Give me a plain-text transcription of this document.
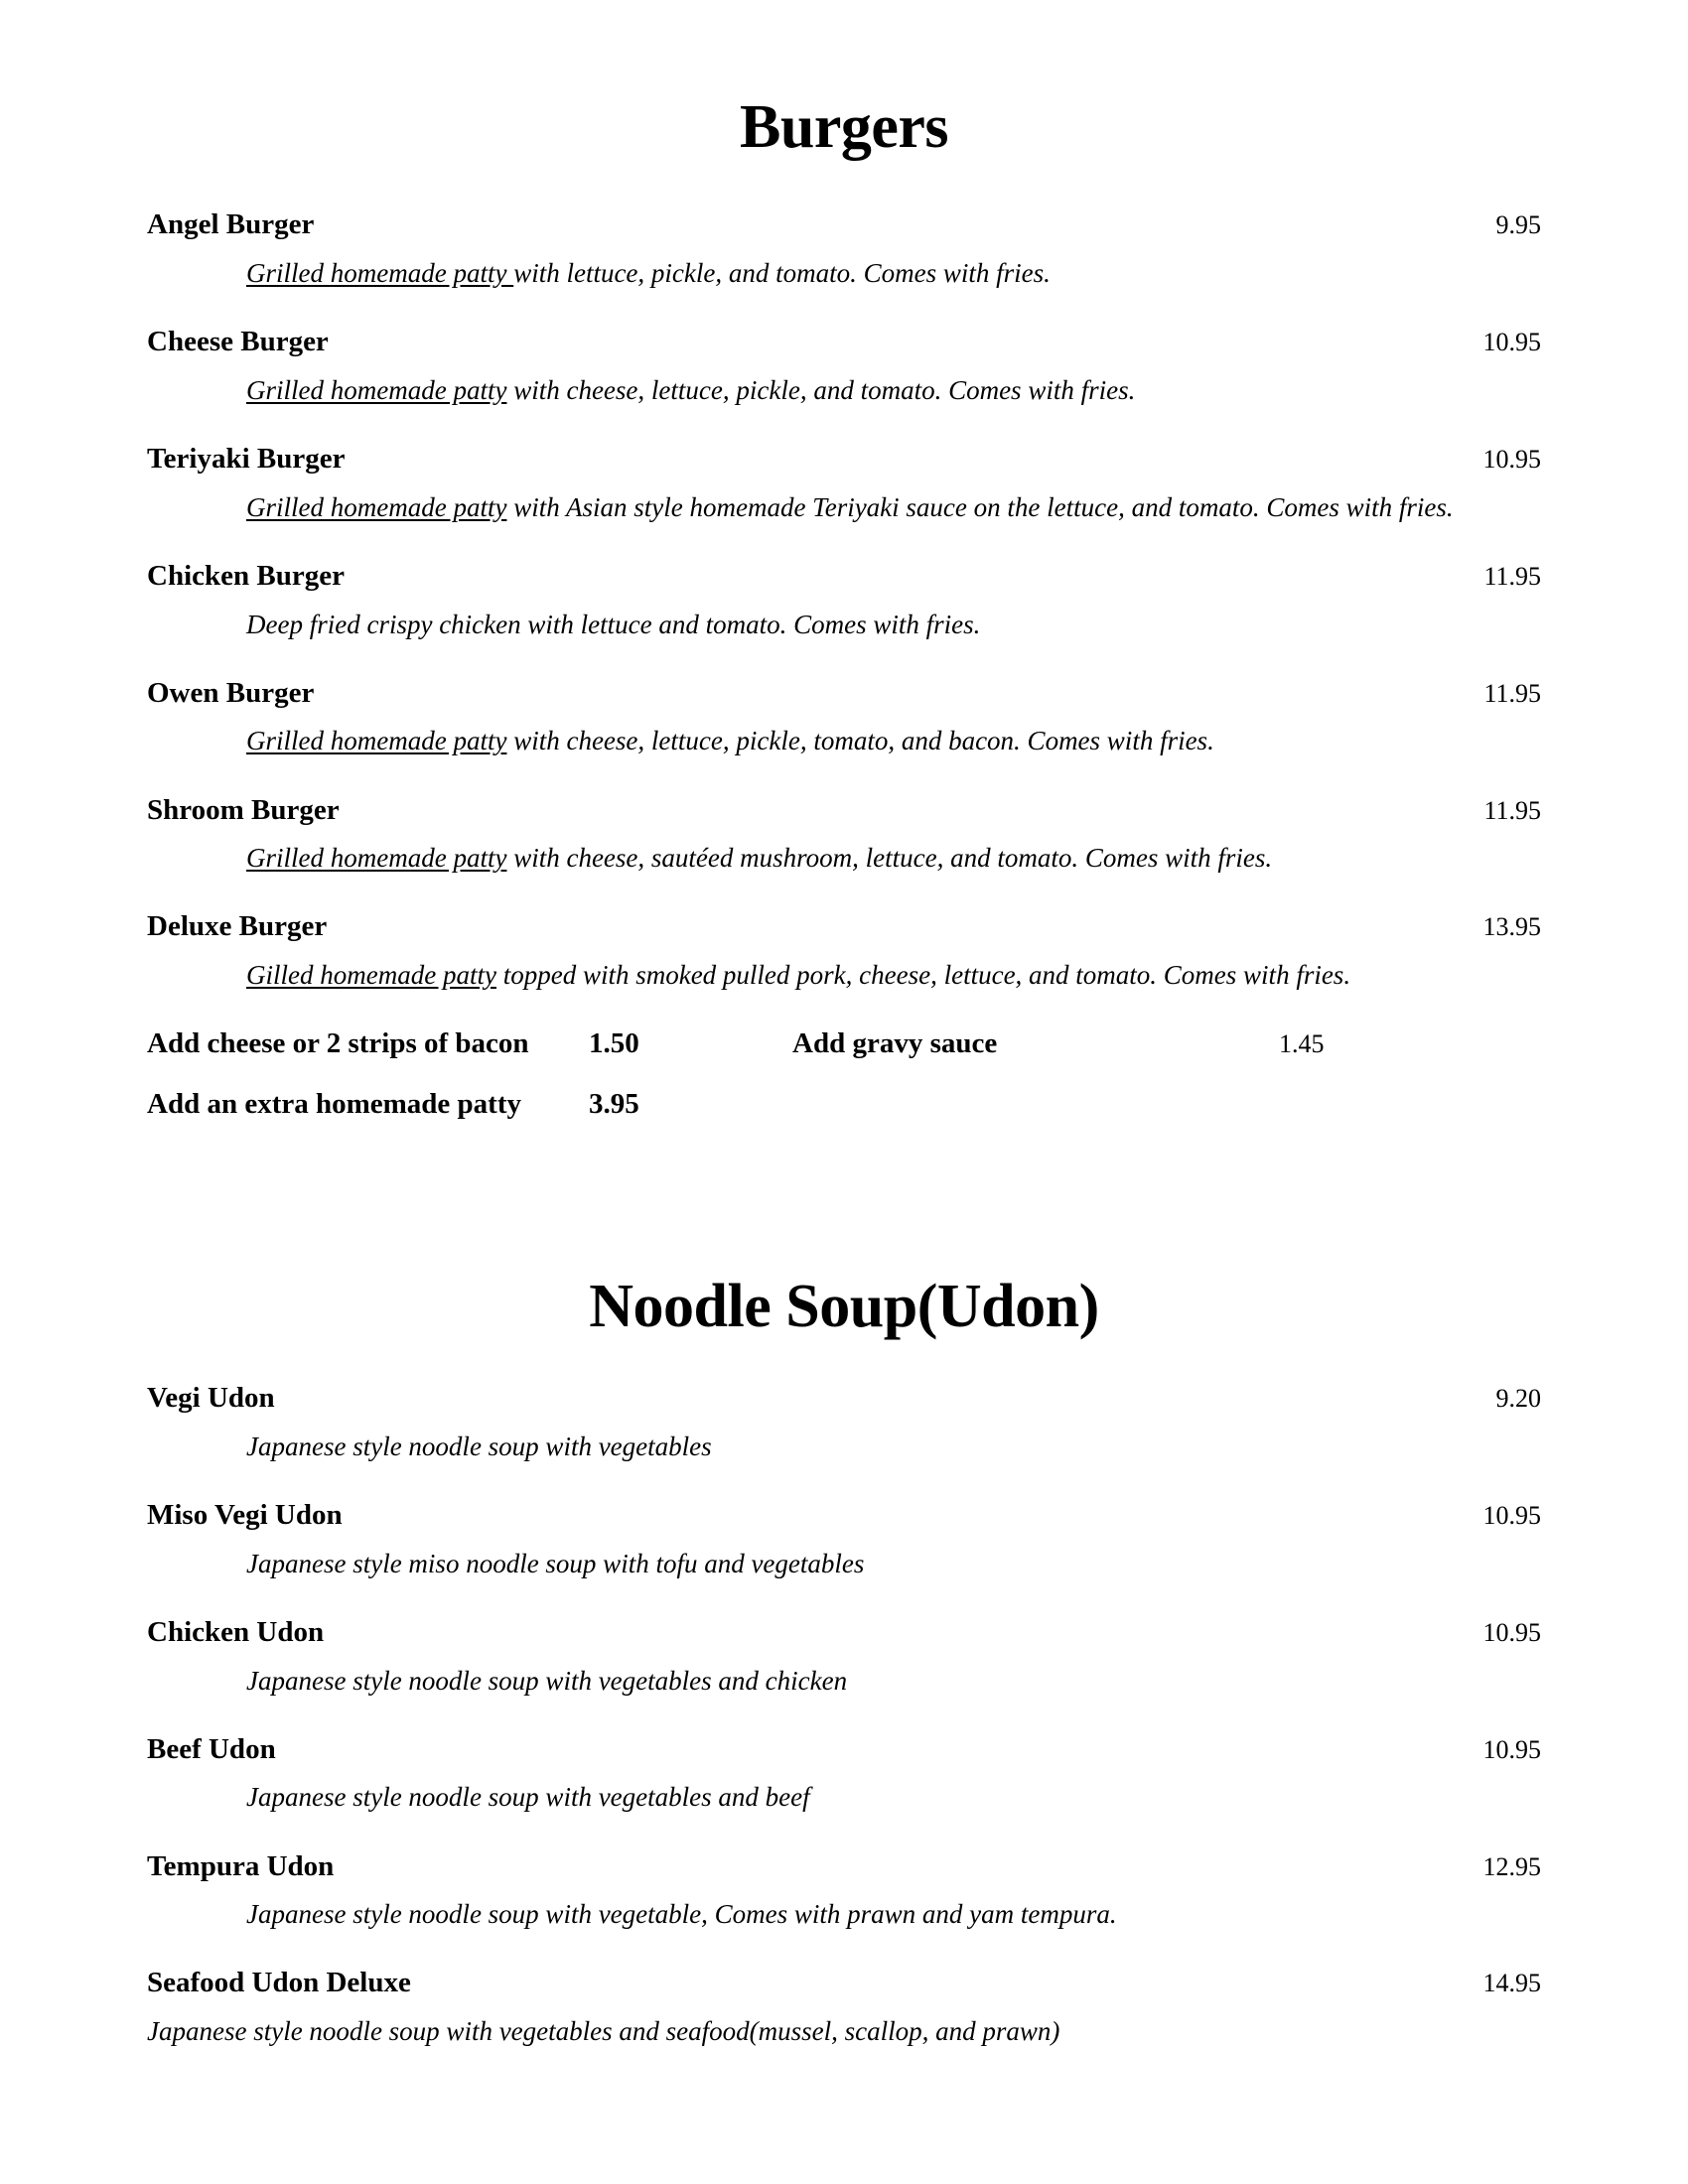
Burgers
Angel Burger	9.95
Grilled homemade patty with lettuce, pickle, and tomato. Comes with fries.
Cheese Burger	10.95
Grilled homemade patty with cheese, lettuce, pickle, and tomato. Comes with fries.
Teriyaki Burger	10.95
Grilled homemade patty with Asian style homemade Teriyaki sauce on the lettuce, and tomato. Comes with fries.
Chicken Burger	11.95
Deep fried crispy chicken with lettuce and tomato. Comes with fries.
Owen Burger	11.95
Grilled homemade patty with cheese, lettuce, pickle, tomato, and bacon. Comes with fries.
Shroom Burger	11.95
Grilled homemade patty with cheese, sautéed mushroom, lettuce, and tomato. Comes with fries.
Deluxe Burger	13.95
Gilled homemade patty topped with smoked pulled pork, cheese, lettuce, and tomato. Comes with fries.
Add cheese or 2 strips of bacon	1.50	Add gravy sauce	1.45
Add an extra homemade patty	3.95
Noodle Soup(Udon)
Vegi Udon	9.20
Japanese style noodle soup with vegetables
Miso Vegi Udon	10.95
Japanese style miso noodle soup with tofu and vegetables
Chicken Udon	10.95
Japanese style noodle soup with vegetables and chicken
Beef Udon	10.95
Japanese style noodle soup with vegetables and beef
Tempura Udon	12.95
Japanese style noodle soup with vegetable, Comes with prawn and yam tempura.
Seafood Udon Deluxe	14.95
Japanese style noodle soup with vegetables and seafood(mussel, scallop, and prawn)
